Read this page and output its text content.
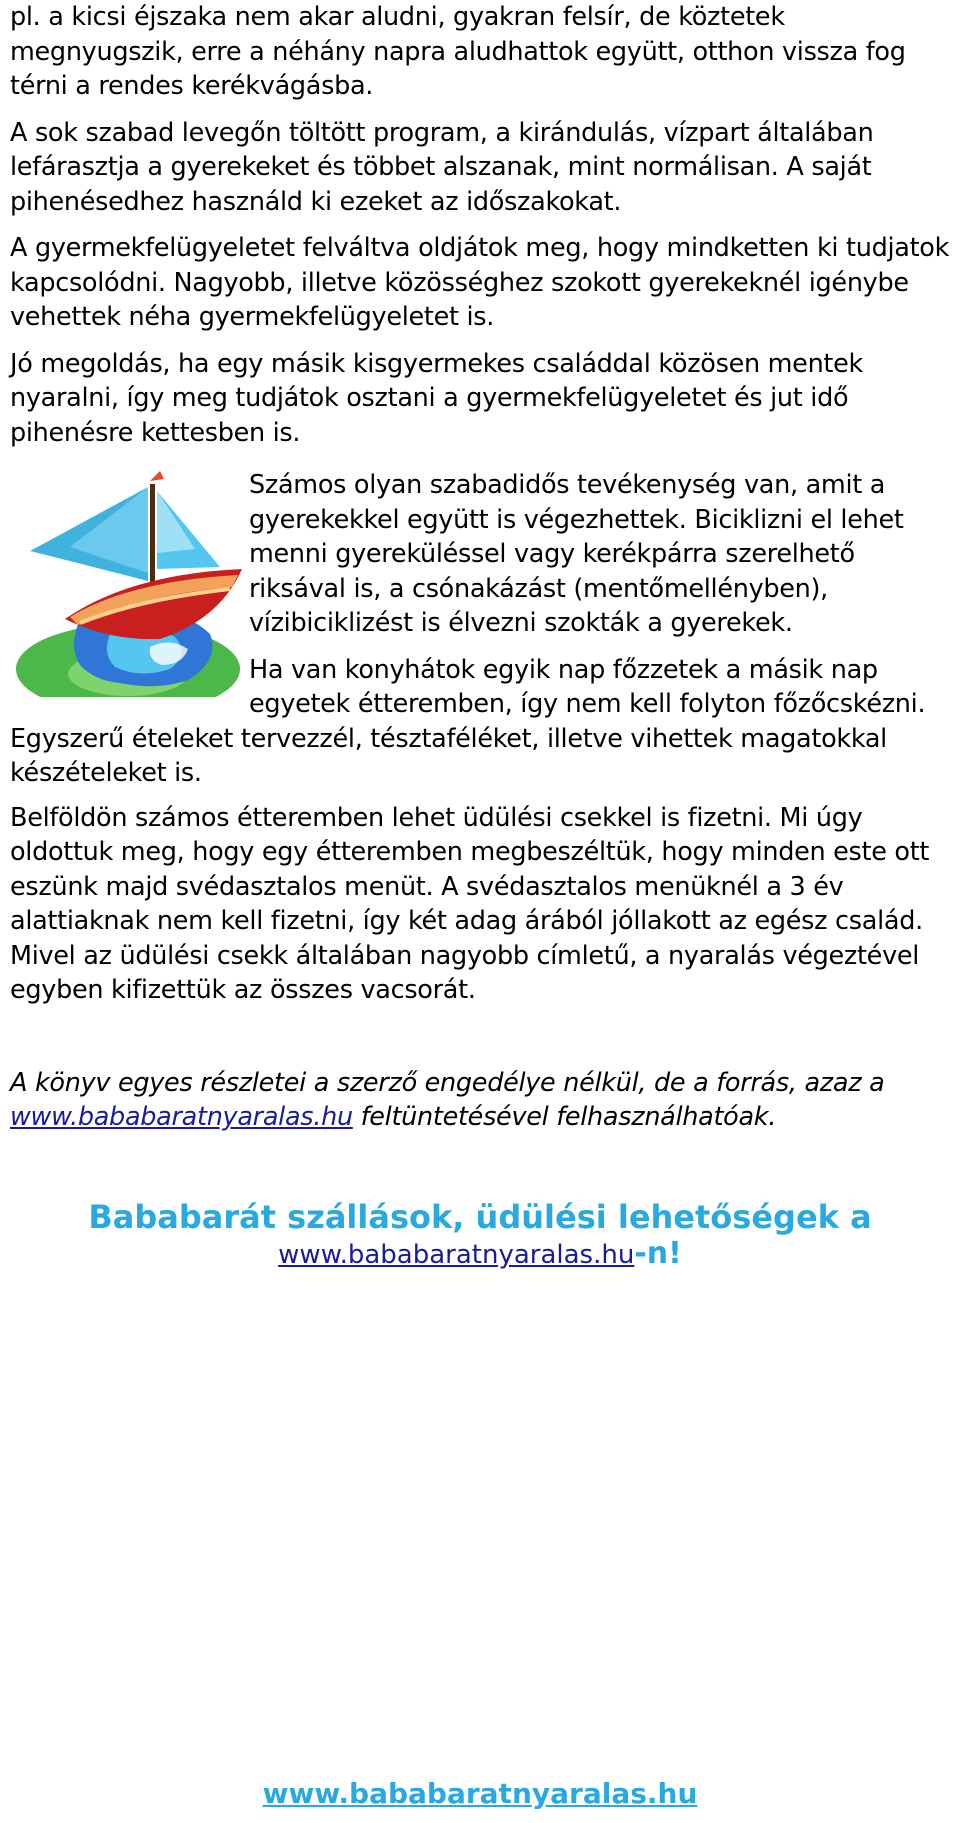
pl. a kicsi éjszaka nem akar aludni, gyakran felsír, de köztetek megnyugszik, erre a néhány napra aludhattok együtt, otthon vissza fog térni a rendes kerékvágásba.

A sok szabad levegőn töltött program, a kirándulás, vízpart általában lefárasztja a gyerekeket és többet alszanak, mint normálisan. A saját pihenésedhez használd ki ezeket az időszakokat.

A gyermekfelügyeletet felváltva oldjátok meg, hogy mindketten ki tudjatok kapcsolódni. Nagyobb, illetve közösséghez szokott gyerekeknél igénybe vehettek néha gyermekfelügyeletet is.

Jó megoldás, ha egy másik kisgyermekes családdal közösen mentek nyaralni, így meg tudjátok osztani a gyermekfelügyeletet és jut idő pihenésre kettesben is.

Számos olyan szabadidős tevékenység van, amit a gyerekekkel együtt is végezhettek. Biciklizni el lehet menni gyereküléssel vagy kerékpárra szerelhető riksával is, a csónakázást (mentőmellényben), vízibiciklizést is élvezni szokták a gyerekek.

Ha van konyhátok egyik nap főzzetek a másik nap egyetek étteremben, így nem kell folyton főzőcskézni. Egyszerű ételeket tervezzél, tésztaféléket, illetve vihettek magatokkal készételeket is.

Belföldön számos étteremben lehet üdülési csekkel is fizetni. Mi úgy oldottuk meg, hogy egy étteremben megbeszéltük, hogy minden este ott eszünk majd svédasztalos menüt. A svédasztalos menüknél a 3 év alattiaknak nem kell fizetni, így két adag árából jóllakott az egész család. Mivel az üdülési csekk általában nagyobb címletű, a nyaralás végeztével egyben kifizettük az összes vacsorát.

A könyv egyes részletei a szerző engedélye nélkül, de a forrás, azaz a www.bababaratnyaralas.hu feltüntetésével felhasználhatóak.

Bababarát szállások, üdülési lehetőségek a
www.bababaratnyaralas.hu-n!
www.bababaratnyaralas.hu
